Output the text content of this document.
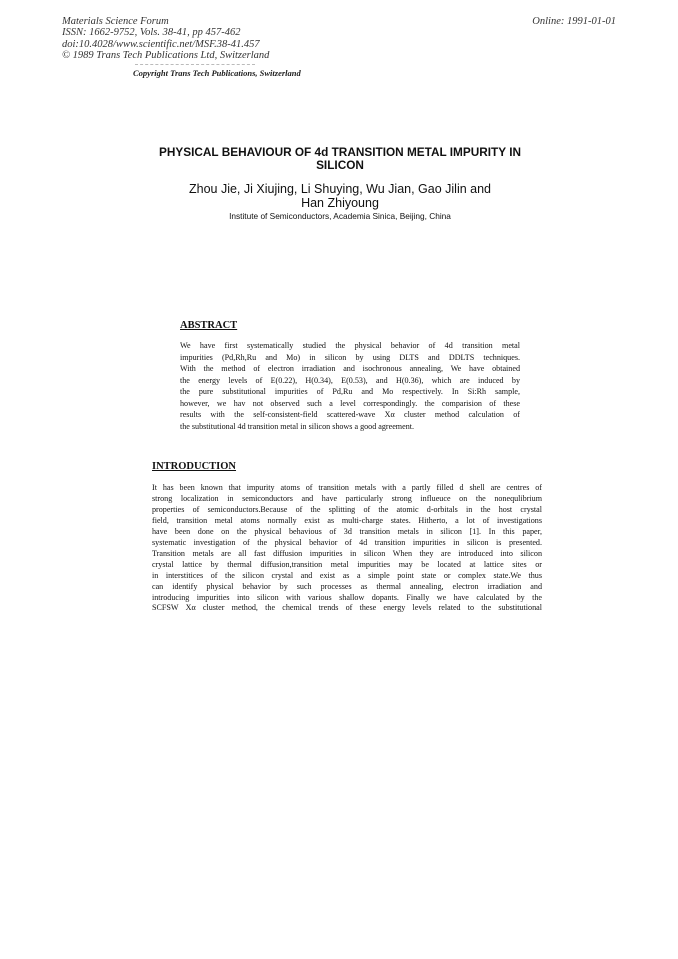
Materials Science Forum
ISSN: 1662-9752, Vols. 38-41, pp 457-462
doi:10.4028/www.scientific.net/MSF.38-41.457
© 1989 Trans Tech Publications Ltd, Switzerland
Online: 1991-01-01
Copyright Trans Tech Publications, Switzerland
PHYSICAL BEHAVIOUR OF 4d TRANSITION METAL IMPURITY IN
SILICON
Zhou Jie, Ji Xiujing, Li Shuying, Wu Jian, Gao Jilin and
Han Zhiyoung
Institute of Semiconductors, Academia Sinica, Beijing, China
ABSTRACT
We have first systematically studied the physical behavior of 4d transition metal
impurities (Pd,Rh,Ru and Mo) in silicon by using DLTS and DDLTS techniques.
With the method of electron irradiation and isochronous annealing, We have obtained
the energy levels of E(0.22), H(0.34), E(0.53), and H(0.36), which are induced by
the pure substitutional impurities of Pd,Ru and Mo respectively. In Si:Rh sample,
however, we hav not observed such a level correspondingly. the comparision of these
results with the self-consistent-field scattered-wave Xα cluster method calculation of
the substitutional 4d transition metal in silicon shows a good agreement.
INTRODUCTION
It has been known that impurity atoms of transition metals with a partly filled d shell are centres of
strong localization in semiconductors and have particularly strong influeuce on the nonequlibrium
properties of semiconductors.Because of the splitting of the atomic d-orbitals in the host crystal
field, transition metal atoms normally exist as multi-charge states. Hitherto, a lot of investigations
have been done on the physical behavious of 3d transition metals in silicon [1]. In this paper,
systematic investigation of the physical behavior of 4d transition impurities in silicon is presented.
Transition metals are all fast diffusion impurities in silicon When they are introduced into silicon
crystal lattice by thermal diffusion,transition metal impurities may be located at lattice sites or
in interstitices of the silicon crystal and exist as a simple point state or complex state.We thus
can identify physical behavior by such processes as thermal annealing, electron irradiation and
introducing impurities into silicon with various shallow dopants. Finally we have calculated by the
SCFSW Xα cluster method, the chemical trends of these energy levels related to the substitutional
